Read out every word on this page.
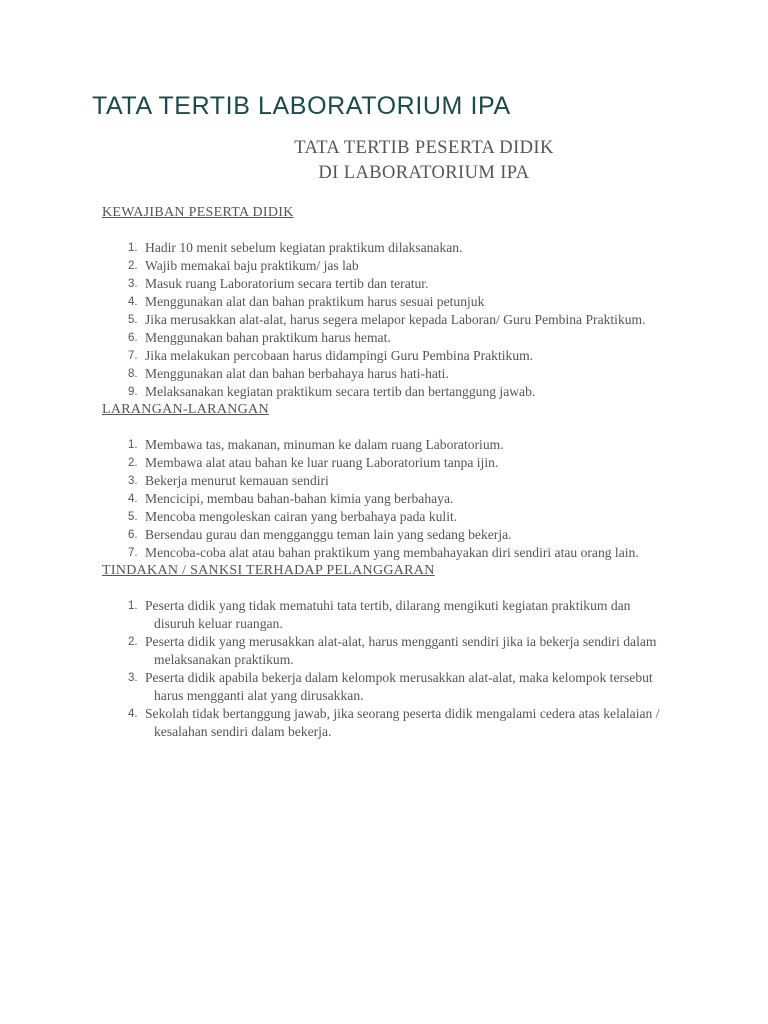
TATA TERTIB LABORATORIUM IPA
TATA TERTIB PESERTA DIDIK
DI LABORATORIUM IPA
KEWAJIBAN PESERTA DIDIK
1. Hadir 10 menit sebelum kegiatan praktikum dilaksanakan.
2. Wajib memakai baju praktikum/ jas lab
3. Masuk ruang Laboratorium secara tertib dan teratur.
4. Menggunakan alat dan bahan praktikum harus sesuai petunjuk
5. Jika merusakkan alat-alat, harus segera melapor kepada Laboran/ Guru Pembina Praktikum.
6. Menggunakan bahan praktikum harus hemat.
7. Jika melakukan percobaan harus didampingi Guru Pembina Praktikum.
8. Menggunakan alat dan bahan berbahaya harus hati-hati.
9. Melaksanakan kegiatan praktikum secara tertib dan bertanggung jawab.
LARANGAN-LARANGAN
1. Membawa tas, makanan, minuman ke dalam ruang Laboratorium.
2. Membawa alat atau bahan ke luar ruang Laboratorium tanpa ijin.
3. Bekerja menurut kemauan sendiri
4. Mencicipi, membau bahan-bahan kimia yang berbahaya.
5. Mencoba mengoleskan cairan yang berbahaya pada kulit.
6. Bersendau gurau dan mengganggu teman lain yang sedang bekerja.
7. Mencoba-coba alat atau bahan praktikum yang membahayakan diri sendiri atau orang lain.
TINDAKAN / SANKSI TERHADAP PELANGGARAN
1. Peserta didik yang tidak mematuhi tata tertib, dilarang mengikuti kegiatan praktikum dan
disuruh keluar ruangan.
2. Peserta didik yang merusakkan alat-alat, harus mengganti sendiri jika ia bekerja sendiri dalam
melaksanakan praktikum.
3. Peserta didik apabila bekerja dalam kelompok merusakkan alat-alat, maka kelompok tersebut
harus mengganti alat yang dirusakkan.
4. Sekolah tidak bertanggung jawab, jika seorang peserta didik mengalami cedera atas kelalaian /
kesalahan sendiri dalam bekerja.
